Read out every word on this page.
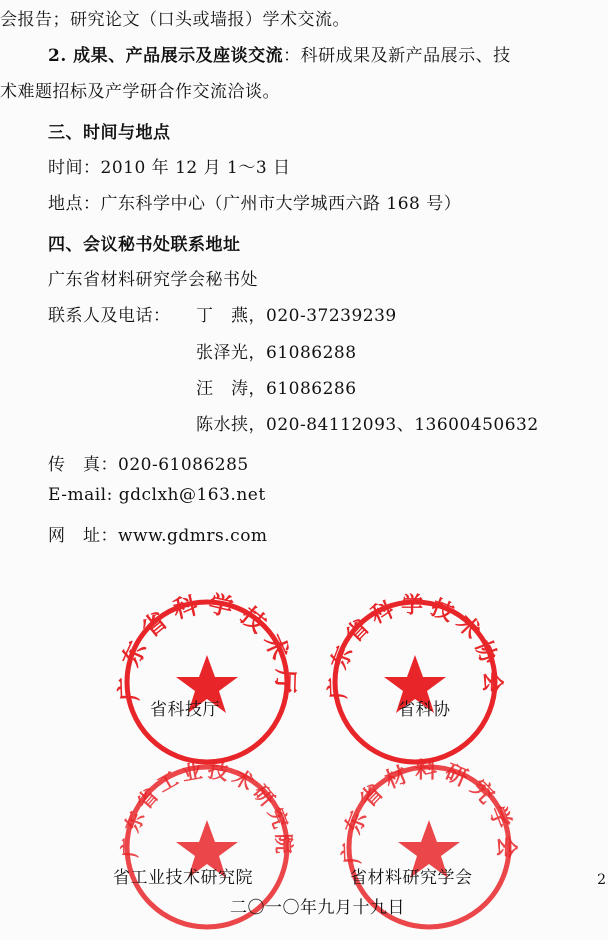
会报告；研究论文（口头或墙报）学术交流。
2. 成果、产品展示及座谈交流：科研成果及新产品展示、技
术难题招标及产学研合作交流洽谈。
三、时间与地点
时间：2010 年 12 月 1～3 日
地点：广东科学中心（广州市大学城西六路 168 号）
四、会议秘书处联系地址
广东省材料研究学会秘书处
联系人及电话： 丁　燕，020-37239239
张泽光，61086288
汪　涛，61086286
陈水挟，020-84112093、13600450632
传　真：020-61086285
E-mail: gdclxh@163.net
网　址：www.gdmrs.com
广东省科学技术厅 广东省科学技术协会
广东省工业技术研究院 广东省材料研究学会
省科技厅	省科协
省工业技术研究院	省材料研究学会
二〇一〇年九月十九日
2
